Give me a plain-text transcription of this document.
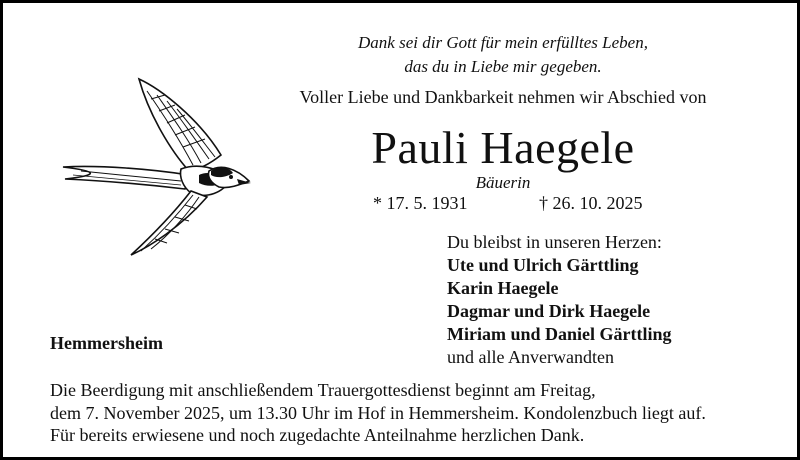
Dank sei dir Gott für mein erfülltes Leben,
das du in Liebe mir gegeben.
Voller Liebe und Dankbarkeit nehmen wir Abschied von
Pauli Haegele
Bäuerin
* 17. 5. 1931	† 26. 10. 2025
Du bleibst in unseren Herzen:
Ute und Ulrich Gärttling
Karin Haegele
Dagmar und Dirk Haegele
Miriam und Daniel Gärttling
und alle Anverwandten
Hemmersheim
Die Beerdigung mit anschließendem Trauergottesdienst beginnt am Freitag,
dem 7. November 2025, um 13.30 Uhr im Hof in Hemmersheim. Kondolenzbuch liegt auf.
Für bereits erwiesene und noch zugedachte Anteilnahme herzlichen Dank.
